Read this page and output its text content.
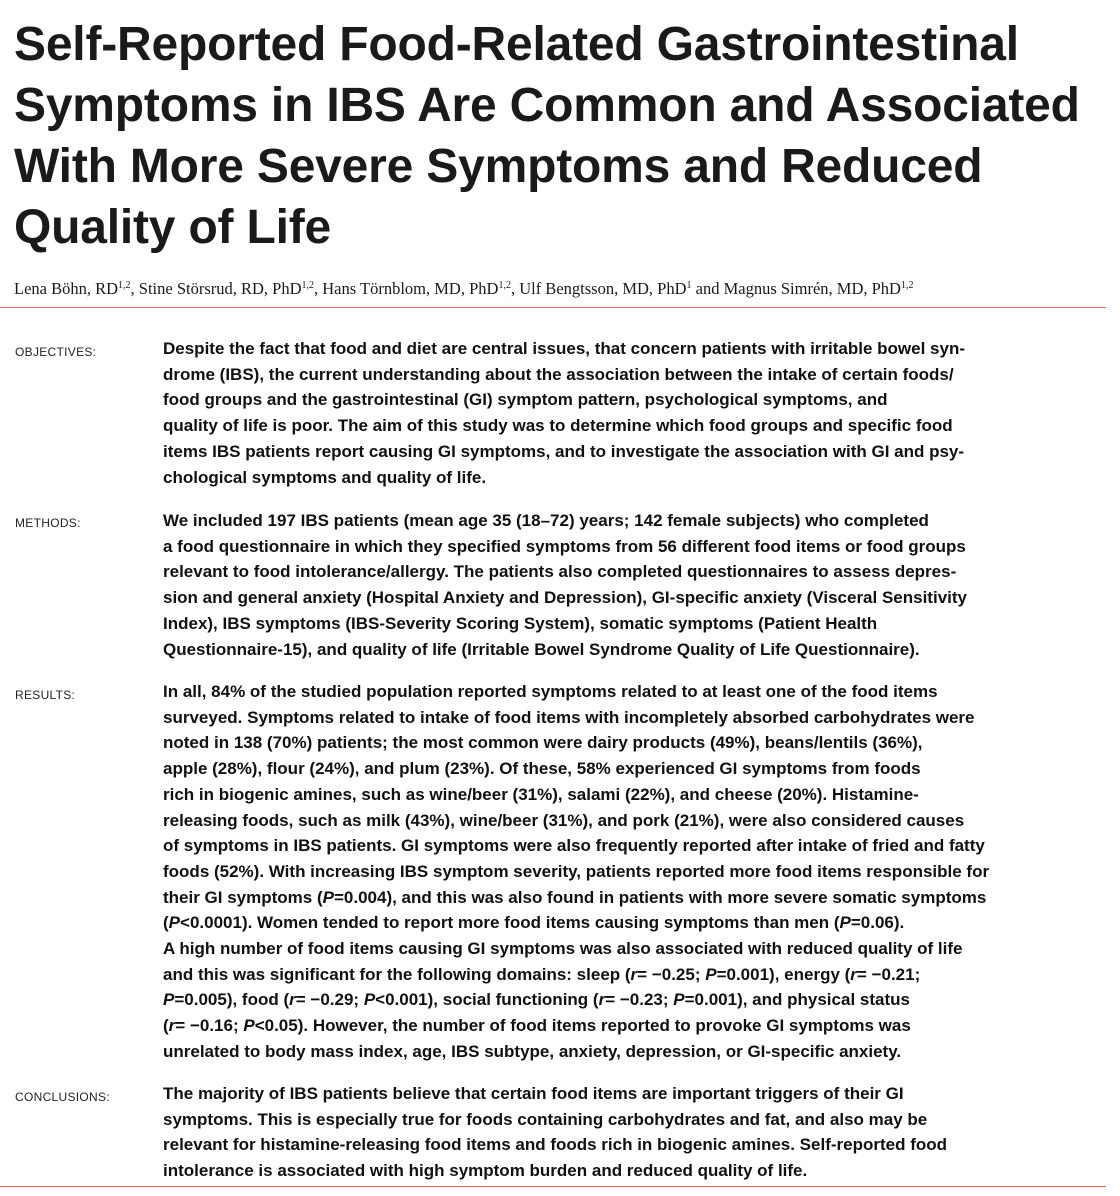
Self-Reported Food-Related Gastrointestinal
Symptoms in IBS Are Common and Associated
With More Severe Symptoms and Reduced
Quality of Life
Lena Böhn, RD$^{1,2}$, Stine Störsrud, RD, PhD$^{1,2}$, Hans Törnblom, MD, PhD$^{1,2}$, Ulf Bengtsson, MD, PhD$^1$ and Magnus Simrén, MD, PhD$^{1,2}$
OBJECTIVES:	Despite the fact that food and diet are central issues, that concern patients with irritable bowel syn-
drome (IBS), the current understanding about the association between the intake of certain foods/
food groups and the gastrointestinal (GI) symptom pattern, psychological symptoms, and
quality of life is poor. The aim of this study was to determine which food groups and specific food
items IBS patients report causing GI symptoms, and to investigate the association with GI and psy-
chological symptoms and quality of life.
METHODS:	We included 197 IBS patients (mean age 35 (18–72) years; 142 female subjects) who completed
a food questionnaire in which they specified symptoms from 56 different food items or food groups
relevant to food intolerance/allergy. The patients also completed questionnaires to assess depres-
sion and general anxiety (Hospital Anxiety and Depression), GI-specific anxiety (Visceral Sensitivity
Index), IBS symptoms (IBS-Severity Scoring System), somatic symptoms (Patient Health
Questionnaire-15), and quality of life (Irritable Bowel Syndrome Quality of Life Questionnaire).
RESULTS:	In all, 84% of the studied population reported symptoms related to at least one of the food items
surveyed. Symptoms related to intake of food items with incompletely absorbed carbohydrates were
noted in 138 (70%) patients; the most common were dairy products (49%), beans/lentils (36%),
apple (28%), flour (24%), and plum (23%). Of these, 58% experienced GI symptoms from foods
rich in biogenic amines, such as wine/beer (31%), salami (22%), and cheese (20%). Histamine-
releasing foods, such as milk (43%), wine/beer (31%), and pork (21%), were also considered causes
of symptoms in IBS patients. GI symptoms were also frequently reported after intake of fried and fatty
foods (52%). With increasing IBS symptom severity, patients reported more food items responsible for
their GI symptoms (P=0.004), and this was also found in patients with more severe somatic symptoms
(P<0.0001). Women tended to report more food items causing symptoms than men (P=0.06).
A high number of food items causing GI symptoms was also associated with reduced quality of life
and this was significant for the following domains: sleep (r= −0.25; P=0.001), energy (r= −0.21;
P=0.005), food (r= −0.29; P<0.001), social functioning (r= −0.23; P=0.001), and physical status
(r= −0.16; P<0.05). However, the number of food items reported to provoke GI symptoms was
unrelated to body mass index, age, IBS subtype, anxiety, depression, or GI-specific anxiety.
CONCLUSIONS:	The majority of IBS patients believe that certain food items are important triggers of their GI
symptoms. This is especially true for foods containing carbohydrates and fat, and also may be
relevant for histamine-releasing food items and foods rich in biogenic amines. Self-reported food
intolerance is associated with high symptom burden and reduced quality of life.
